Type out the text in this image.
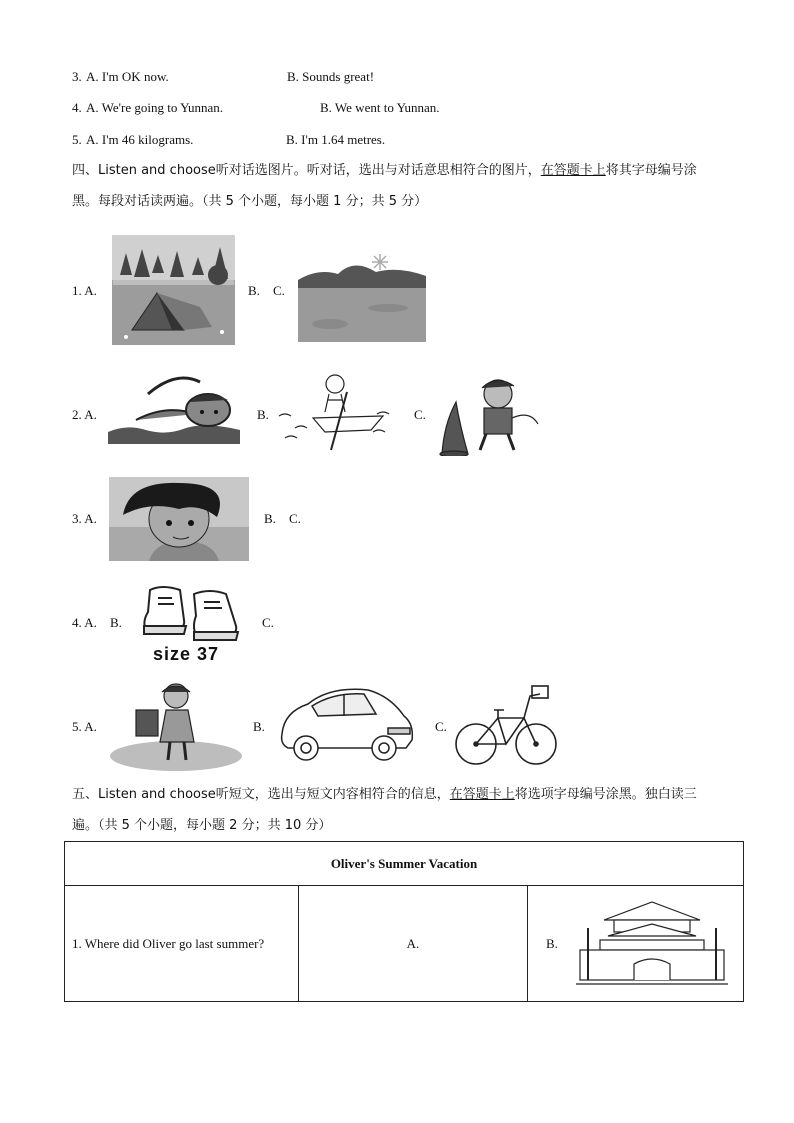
3. A. I'm OK now.	B. Sounds great!
4. A. We're going to Yunnan.	B. We went to Yunnan.
5. A. I'm 46 kilograms.	B. I'm 1.64 metres.
四、Listen and choose听对话选图片。听对话，选出与对话意思相符合的图片，在答题卡上将其字母编号涂
黑。每段对话读两遍。（共 5 个小题，每小题 1 分；共 5 分）
1. A.	B. C.
2. A.	B.	C.
3. A.	B. C.
4. A. B.
size 37
C.
5. A.	B.	C.
五、Listen and choose听短文，选出与短文内容相符合的信息，在答题卡上将选项字母编号涂黑。独白读三
遍。（共 5 个小题，每小题 2 分；共 10 分）
Oliver's Summer Vacation
1. Where did Oliver go last summer?	A.	B.
